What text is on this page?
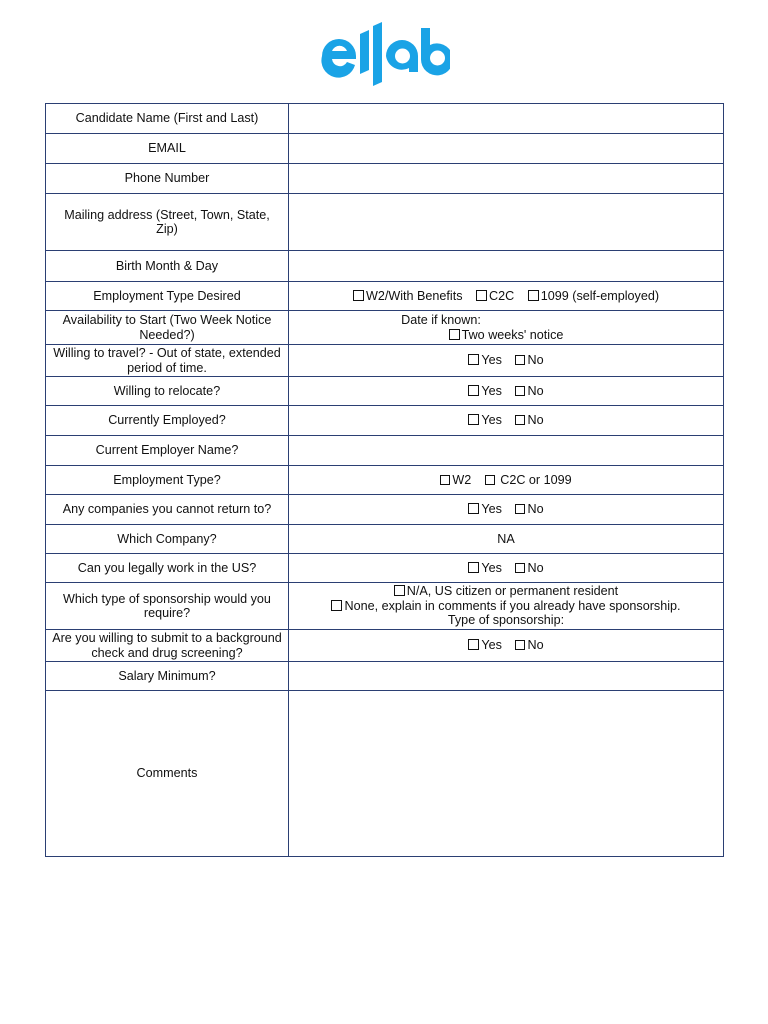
Candidate Name (First and Last)	
EMAIL	
Phone Number	
Mailing address (Street, Town, State, Zip)	
Birth Month & Day	
Employment Type Desired	W2/With Benefits C2C 1099 (self-employed)
Availability to Start (Two Week Notice Needed?)	Date if known:
Two weeks' notice

Willing to travel? - Out of state, extended period of time.	Yes No
Willing to relocate?	Yes No
Currently Employed?	Yes No
Current Employer Name?	
Employment Type?	W2 C2C or 1099
Any companies you cannot return to?	Yes No
Which Company?	NA
Can you legally work in the US?	Yes No
Which type of sponsorship would you require?	N/A, US citizen or permanent resident
None, explain in comments if you already have sponsorship.
Type of sponsorship:

Are you willing to submit to a background check and drug screening?	Yes No
Salary Minimum?	
Comments	
